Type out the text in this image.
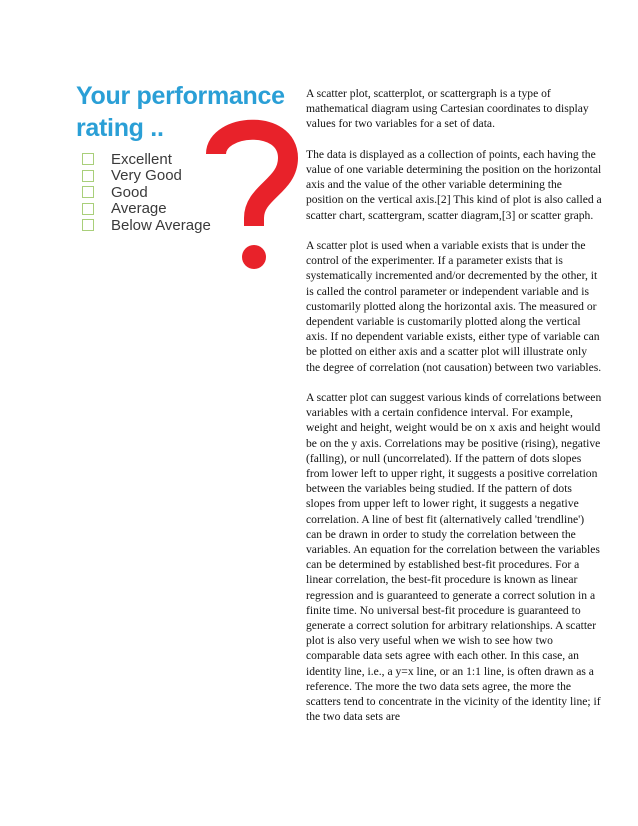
Your performance
rating ..
Excellent
Very Good
Good
Average
Below Average

A scatter plot, scatterplot, or scattergraph is a type of mathematical diagram using Cartesian coordinates to display values for two variables for a set of data.

The data is displayed as a collection of points, each having the value of one variable determining the position on the horizontal axis and the value of the other variable determining the position on the vertical axis.[2] This kind of plot is also called a scatter chart, scattergram, scatter diagram,[3] or scatter graph.

A scatter plot is used when a variable exists that is under the control of the experimenter. If a parameter exists that is systematically incremented and/or decremented by the other, it is called the control parameter or independent variable and is customarily plotted along the horizontal axis. The measured or dependent variable is customarily plotted along the vertical axis. If no dependent variable exists, either type of variable can be plotted on either axis and a scatter plot will illustrate only the degree of correlation (not causation) between two variables.

A scatter plot can suggest various kinds of correlations between variables with a certain confidence interval. For example, weight and height, weight would be on x axis and height would be on the y axis. Correlations may be positive (rising), negative (falling), or null (uncorrelated). If the pattern of dots slopes from lower left to upper right, it suggests a positive correlation between the variables being studied. If the pattern of dots slopes from upper left to lower right, it suggests a negative correlation. A line of best fit (alternatively called 'trendline') can be drawn in order to study the correlation between the variables. An equation for the correlation between the variables can be determined by established best-fit procedures. For a linear correlation, the best-fit procedure is known as linear regression and is guaranteed to generate a correct solution in a finite time. No universal best-fit procedure is guaranteed to generate a correct solution for arbitrary relationships. A scatter plot is also very useful when we wish to see how two comparable data sets agree with each other. In this case, an identity line, i.e., a y=x line, or an 1:1 line, is often drawn as a reference. The more the two data sets agree, the more the scatters tend to concentrate in the vicinity of the identity line; if the two data sets are
